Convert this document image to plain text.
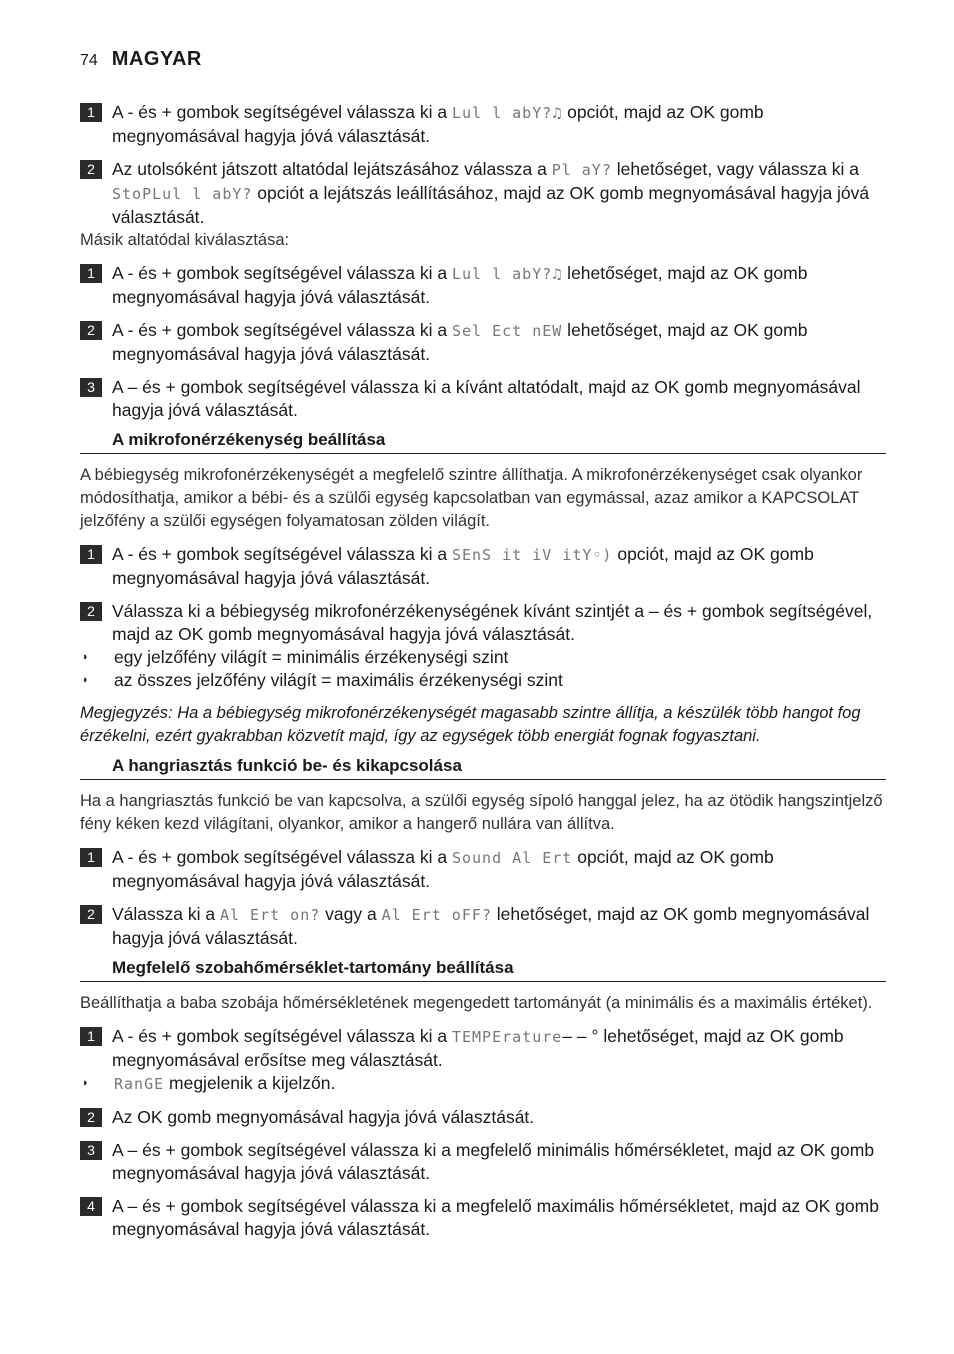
74 MAGYAR
1 A - és + gombok segítségével válassza ki a Lul l abY?♫ opciót, majd az OK gomb megnyomásával hagyja jóvá választását.
2 Az utolsóként játszott altatódal lejátszásához válassza a Pl aY? lehetőséget, vagy válassza ki a StoPLul l abY? opciót a lejátszás leállításához, majd az OK gomb megnyomásával hagyja jóvá választását.
Másik altatódal kiválasztása:
1 A - és + gombok segítségével válassza ki a Lul l abY?♫ lehetőséget, majd az OK gomb megnyomásával hagyja jóvá választását.
2 A - és + gombok segítségével válassza ki a Sel Ect nEW lehetőséget, majd az OK gomb megnyomásával hagyja jóvá választását.
3 A – és + gombok segítségével válassza ki a kívánt altatódalt, majd az OK gomb megnyomásával hagyja jóvá választását.
A mikrofonérzékenység beállítása
A bébiegység mikrofonérzékenységét a megfelelő szintre állíthatja. A mikrofonérzékenységet csak olyankor módosíthatja, amikor a bébi- és a szülői egység kapcsolatban van egymással, azaz amikor a KAPCSOLAT jelzőfény a szülői egységen folyamatosan zölden világít.
1 A - és + gombok segítségével válassza ki a SEnS it iV itY◦) opciót, majd az OK gomb megnyomásával hagyja jóvá választását.
2 Válassza ki a bébiegység mikrofonérzékenységének kívánt szintjét a – és + gombok segítségével, majd az OK gomb megnyomásával hagyja jóvá választását.
◗	egy jelzőfény világít = minimális érzékenységi szint
◗	az összes jelzőfény világít = maximális érzékenységi szint
Megjegyzés: Ha a bébiegység mikrofonérzékenységét magasabb szintre állítja, a készülék több hangot fog érzékelni, ezért gyakrabban közvetít majd, így az egységek több energiát fognak fogyasztani.
A hangriasztás funkció be- és kikapcsolása
Ha a hangriasztás funkció be van kapcsolva, a szülői egység sípoló hanggal jelez, ha az ötödik hangszintjelző fény kéken kezd világítani, olyankor, amikor a hangerő nullára van állítva.
1 A - és + gombok segítségével válassza ki a Sound Al Ert opciót, majd az OK gomb megnyomásával hagyja jóvá választását.
2 Válassza ki a Al Ert on? vagy a Al Ert oFF? lehetőséget, majd az OK gomb megnyomásával hagyja jóvá választását.
Megfelelő szobahőmérséklet-tartomány beállítása
Beállíthatja a baba szobája hőmérsékletének megengedett tartományát (a minimális és a maximális értéket).
1 A - és + gombok segítségével válassza ki a TEMPErature– – ° lehetőséget, majd az OK gomb megnyomásával erősítse meg választását.
◗	RanGE megjelenik a kijelzőn.
2 Az OK gomb megnyomásával hagyja jóvá választását.
3 A – és + gombok segítségével válassza ki a megfelelő minimális hőmérsékletet, majd az OK gomb megnyomásával hagyja jóvá választását.
4 A – és + gombok segítségével válassza ki a megfelelő maximális hőmérsékletet, majd az OK gomb megnyomásával hagyja jóvá választását.
